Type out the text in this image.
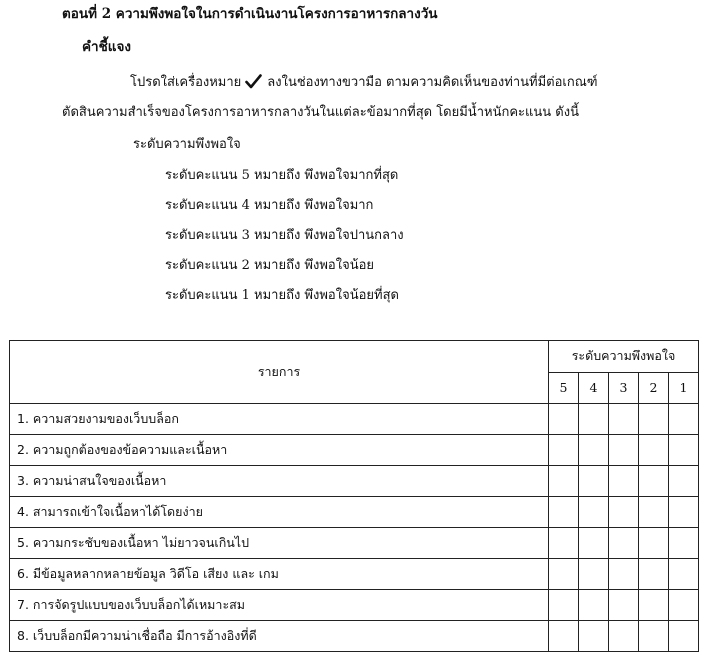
ตอนที่ 2 ความพึงพอใจในการดำเนินงานโครงการอาหารกลางวัน
คำชี้แจง
โปรดใส่เครื่องหมาย ลงในช่องทางขวามือ ตามความคิดเห็นของท่านที่มีต่อเกณฑ์
ตัดสินความสำเร็จของโครงการอาหารกลางวันในแต่ละข้อมากที่สุด โดยมีน้ำหนักคะแนน ดังนี้
ระดับความพึงพอใจ
ระดับคะแนน 5 หมายถึง พึงพอใจมากที่สุด
ระดับคะแนน 4 หมายถึง พึงพอใจมาก
ระดับคะแนน 3 หมายถึง พึงพอใจปานกลาง
ระดับคะแนน 2 หมายถึง พึงพอใจน้อย
ระดับคะแนน 1 หมายถึง พึงพอใจน้อยที่สุด
รายการ	ระดับความพึงพอใจ				
	5	4	3	2	1
1. ความสวยงามของเว็บบล็อก					
2. ความถูกต้องของข้อความและเนื้อหา					
3. ความน่าสนใจของเนื้อหา					
4. สามารถเข้าใจเนื้อหาได้โดยง่าย					
5. ความกระชับของเนื้อหา ไม่ยาวจนเกินไป					
6. มีข้อมูลหลากหลายข้อมูล วิดีโอ เสียง และ เกม					
7. การจัดรูปแบบของเว็บบล็อกได้เหมาะสม					
8. เว็บบล็อกมีความน่าเชื่อถือ มีการอ้างอิงที่ดี					
